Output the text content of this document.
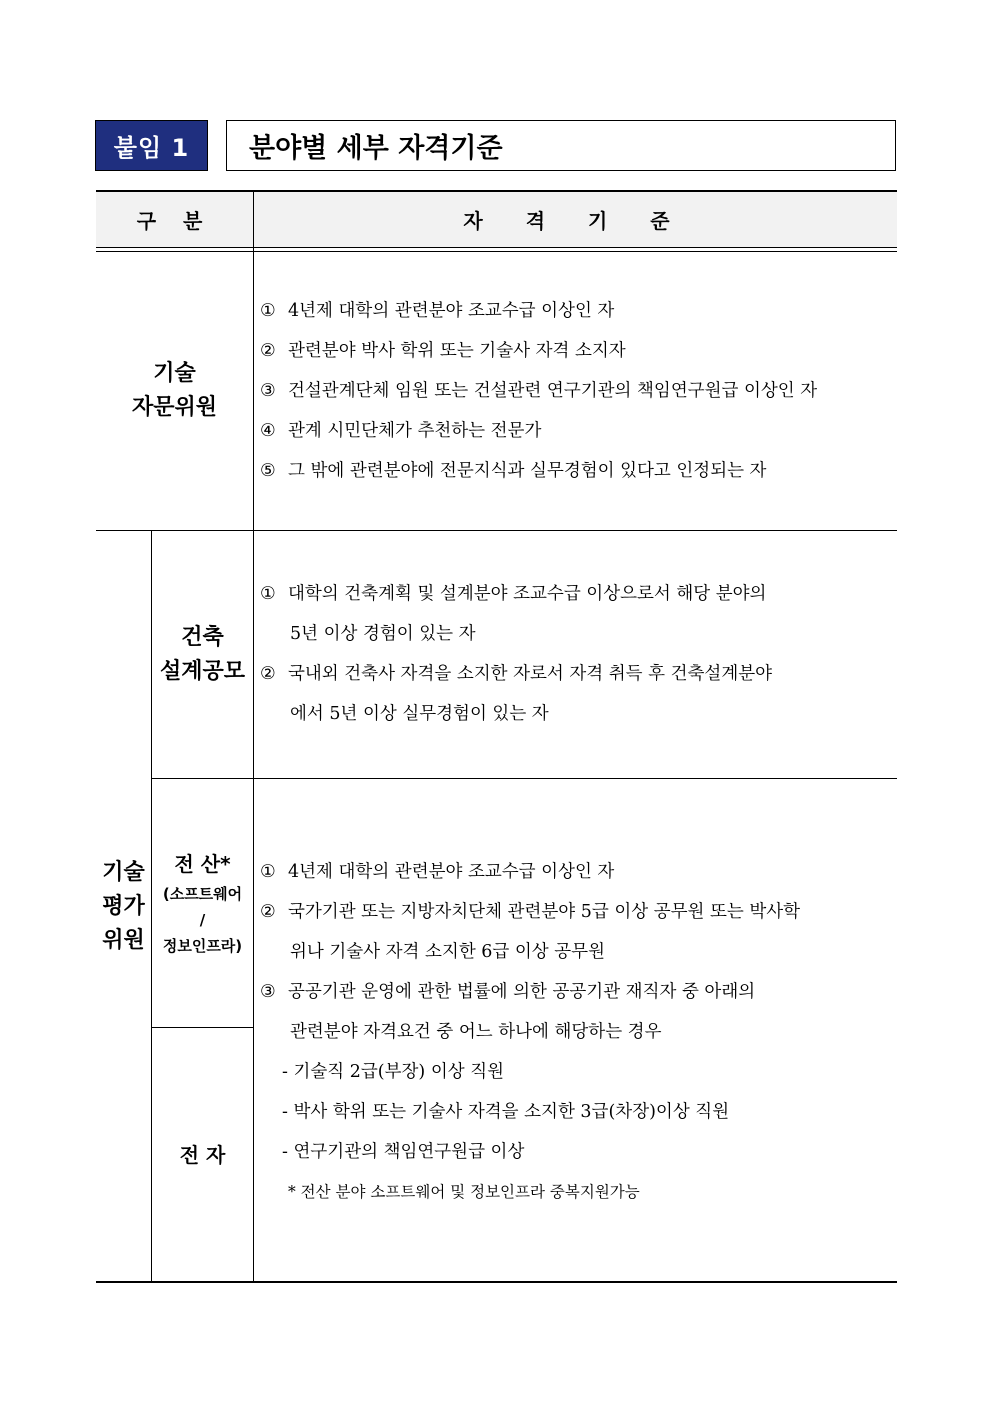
붙임 1	분야별 세부 자격기준
구 분	자 격 기 준
기술
자문위원
① 4년제 대학의 관련분야 조교수급 이상인 자
② 관련분야 박사 학위 또는 기술사 자격 소지자
③ 건설관계단체 임원 또는 건설관련 연구기관의 책임연구원급 이상인 자
④ 관계 시민단체가 추천하는 전문가
⑤ 그 밖에 관련분야에 전문지식과 실무경험이 있다고 인정되는 자
기술
평가
위원
건축
설계공모
① 대학의 건축계획 및 설계분야 조교수급 이상으로서 해당 분야의
5년 이상 경험이 있는 자
② 국내외 건축사 자격을 소지한 자로서 자격 취득 후 건축설계분야
에서 5년 이상 실무경험이 있는 자
전 산*
(소프트웨어
/
정보인프라)
전 자
① 4년제 대학의 관련분야 조교수급 이상인 자
② 국가기관 또는 지방자치단체 관련분야 5급 이상 공무원 또는 박사학
위나 기술사 자격 소지한 6급 이상 공무원
③ 공공기관 운영에 관한 법률에 의한 공공기관 재직자 중 아래의
관련분야 자격요건 중 어느 하나에 해당하는 경우
- 기술직 2급(부장) 이상 직원
- 박사 학위 또는 기술사 자격을 소지한 3급(차장)이상 직원
- 연구기관의 책임연구원급 이상
* 전산 분야 소프트웨어 및 정보인프라 중복지원가능
